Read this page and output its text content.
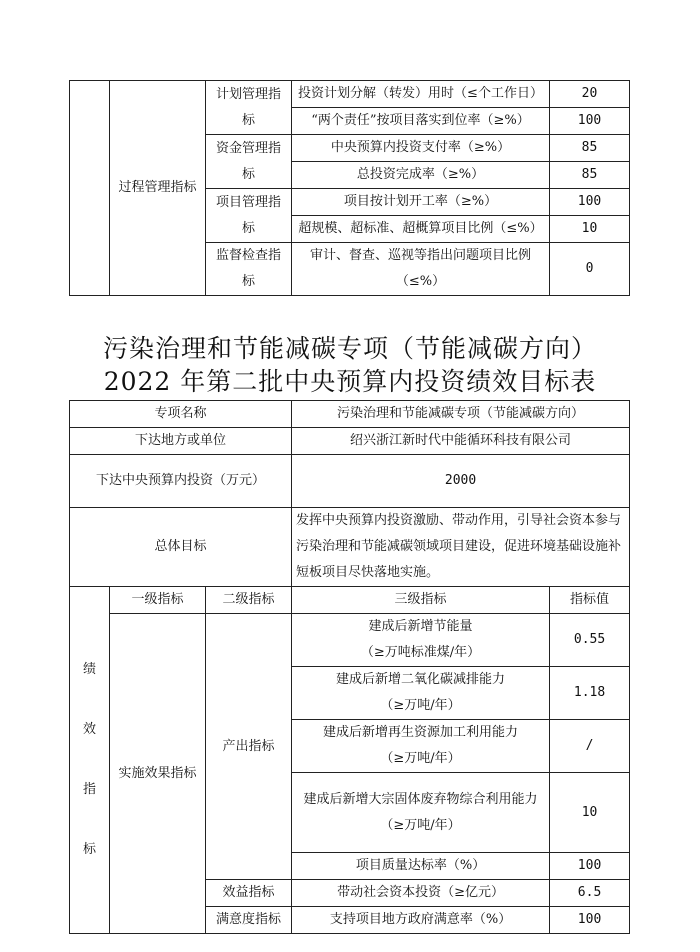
	过程管理指标	计划管理指标	投资计划分解（转发）用时（≤个工作日）	20
			“两个责任”按项目落实到位率（≥%）	100
		资金管理指标	中央预算内投资支付率（≥%）	85
			总投资完成率（≥%）	85
		项目管理指标	项目按计划开工率（≥%）	100
			超规模、超标准、超概算项目比例（≤%）	10
		监督检查指标	审计、督查、巡视等指出问题项目比例（≤%）	0
污染治理和节能减碳专项（节能减碳方向）
2022 年第二批中央预算内投资绩效目标表
专项名称			污染治理和节能减碳专项（节能减碳方向）	
下达地方或单位			绍兴浙江新时代中能循环科技有限公司	
下达中央预算内投资（万元）			2000	
总体目标			发挥中央预算内投资激励、带动作用，引导社会资本参与污染治理和节能减碳领域项目建设，促进环境基础设施补短板项目尽快落地实施。	
绩

效

指

标	一级指标	二级指标	三级指标	指标值
	实施效果指标	产出指标	建成后新增节能量
（≥万吨标准煤/年）	0.55
			建成后新增二氧化碳减排能力
（≥万吨/年）	1.18
			建成后新增再生资源加工利用能力
（≥万吨/年）	/
			建成后新增大宗固体废弃物综合利用能力
（≥万吨/年）	10
			项目质量达标率（%）	100
		效益指标	带动社会资本投资（≥亿元）	6.5
		满意度指标	支持项目地方政府满意率（%）	100
